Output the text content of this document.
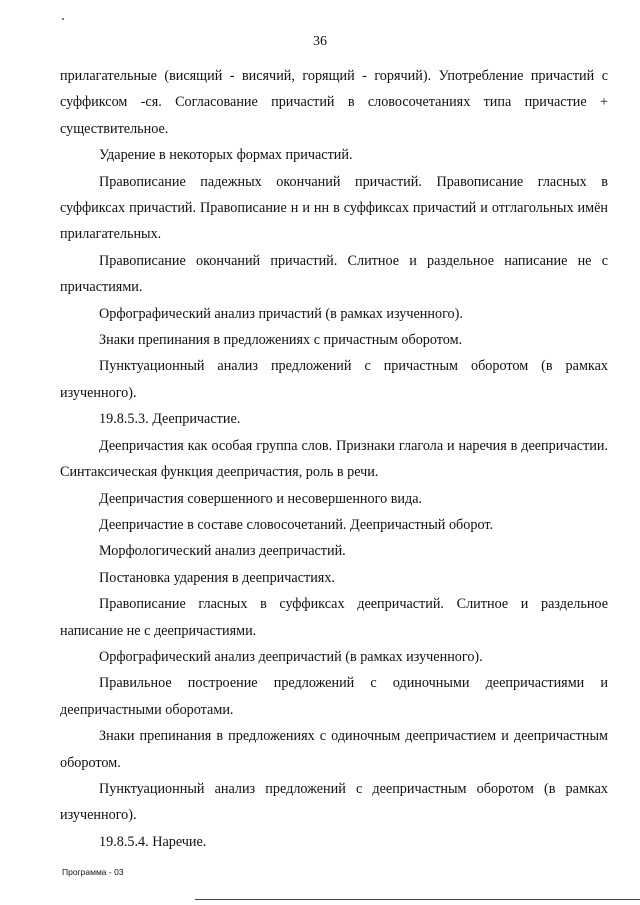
36

прилагательные (висящий - висячий, горящий - горячий). Употребление причастий с суффиксом -ся. Согласование причастий в словосочетаниях типа причастие + существительное.

Ударение в некоторых формах причастий.

Правописание падежных окончаний причастий. Правописание гласных в суффиксах причастий. Правописание н и нн в суффиксах причастий и отглагольных имён прилагательных.

Правописание окончаний причастий. Слитное и раздельное написание не с причастиями.

Орфографический анализ причастий (в рамках изученного).

Знаки препинания в предложениях с причастным оборотом.

Пунктуационный анализ предложений с причастным оборотом (в рамках изученного).

19.8.5.3. Деепричастие.

Деепричастия как особая группа слов. Признаки глагола и наречия в деепричастии. Синтаксическая функция деепричастия, роль в речи.

Деепричастия совершенного и несовершенного вида.

Деепричастие в составе словосочетаний. Деепричастный оборот.

Морфологический анализ деепричастий.

Постановка ударения в деепричастиях.

Правописание гласных в суффиксах деепричастий. Слитное и раздельное написание не с деепричастиями.

Орфографический анализ деепричастий (в рамках изученного).

Правильное построение предложений с одиночными деепричастиями и деепричастными оборотами.

Знаки препинания в предложениях с одиночным деепричастием и деепричастным оборотом.

Пунктуационный анализ предложений с деепричастным оборотом (в рамках изученного).

19.8.5.4. Наречие.

Программа - 03
